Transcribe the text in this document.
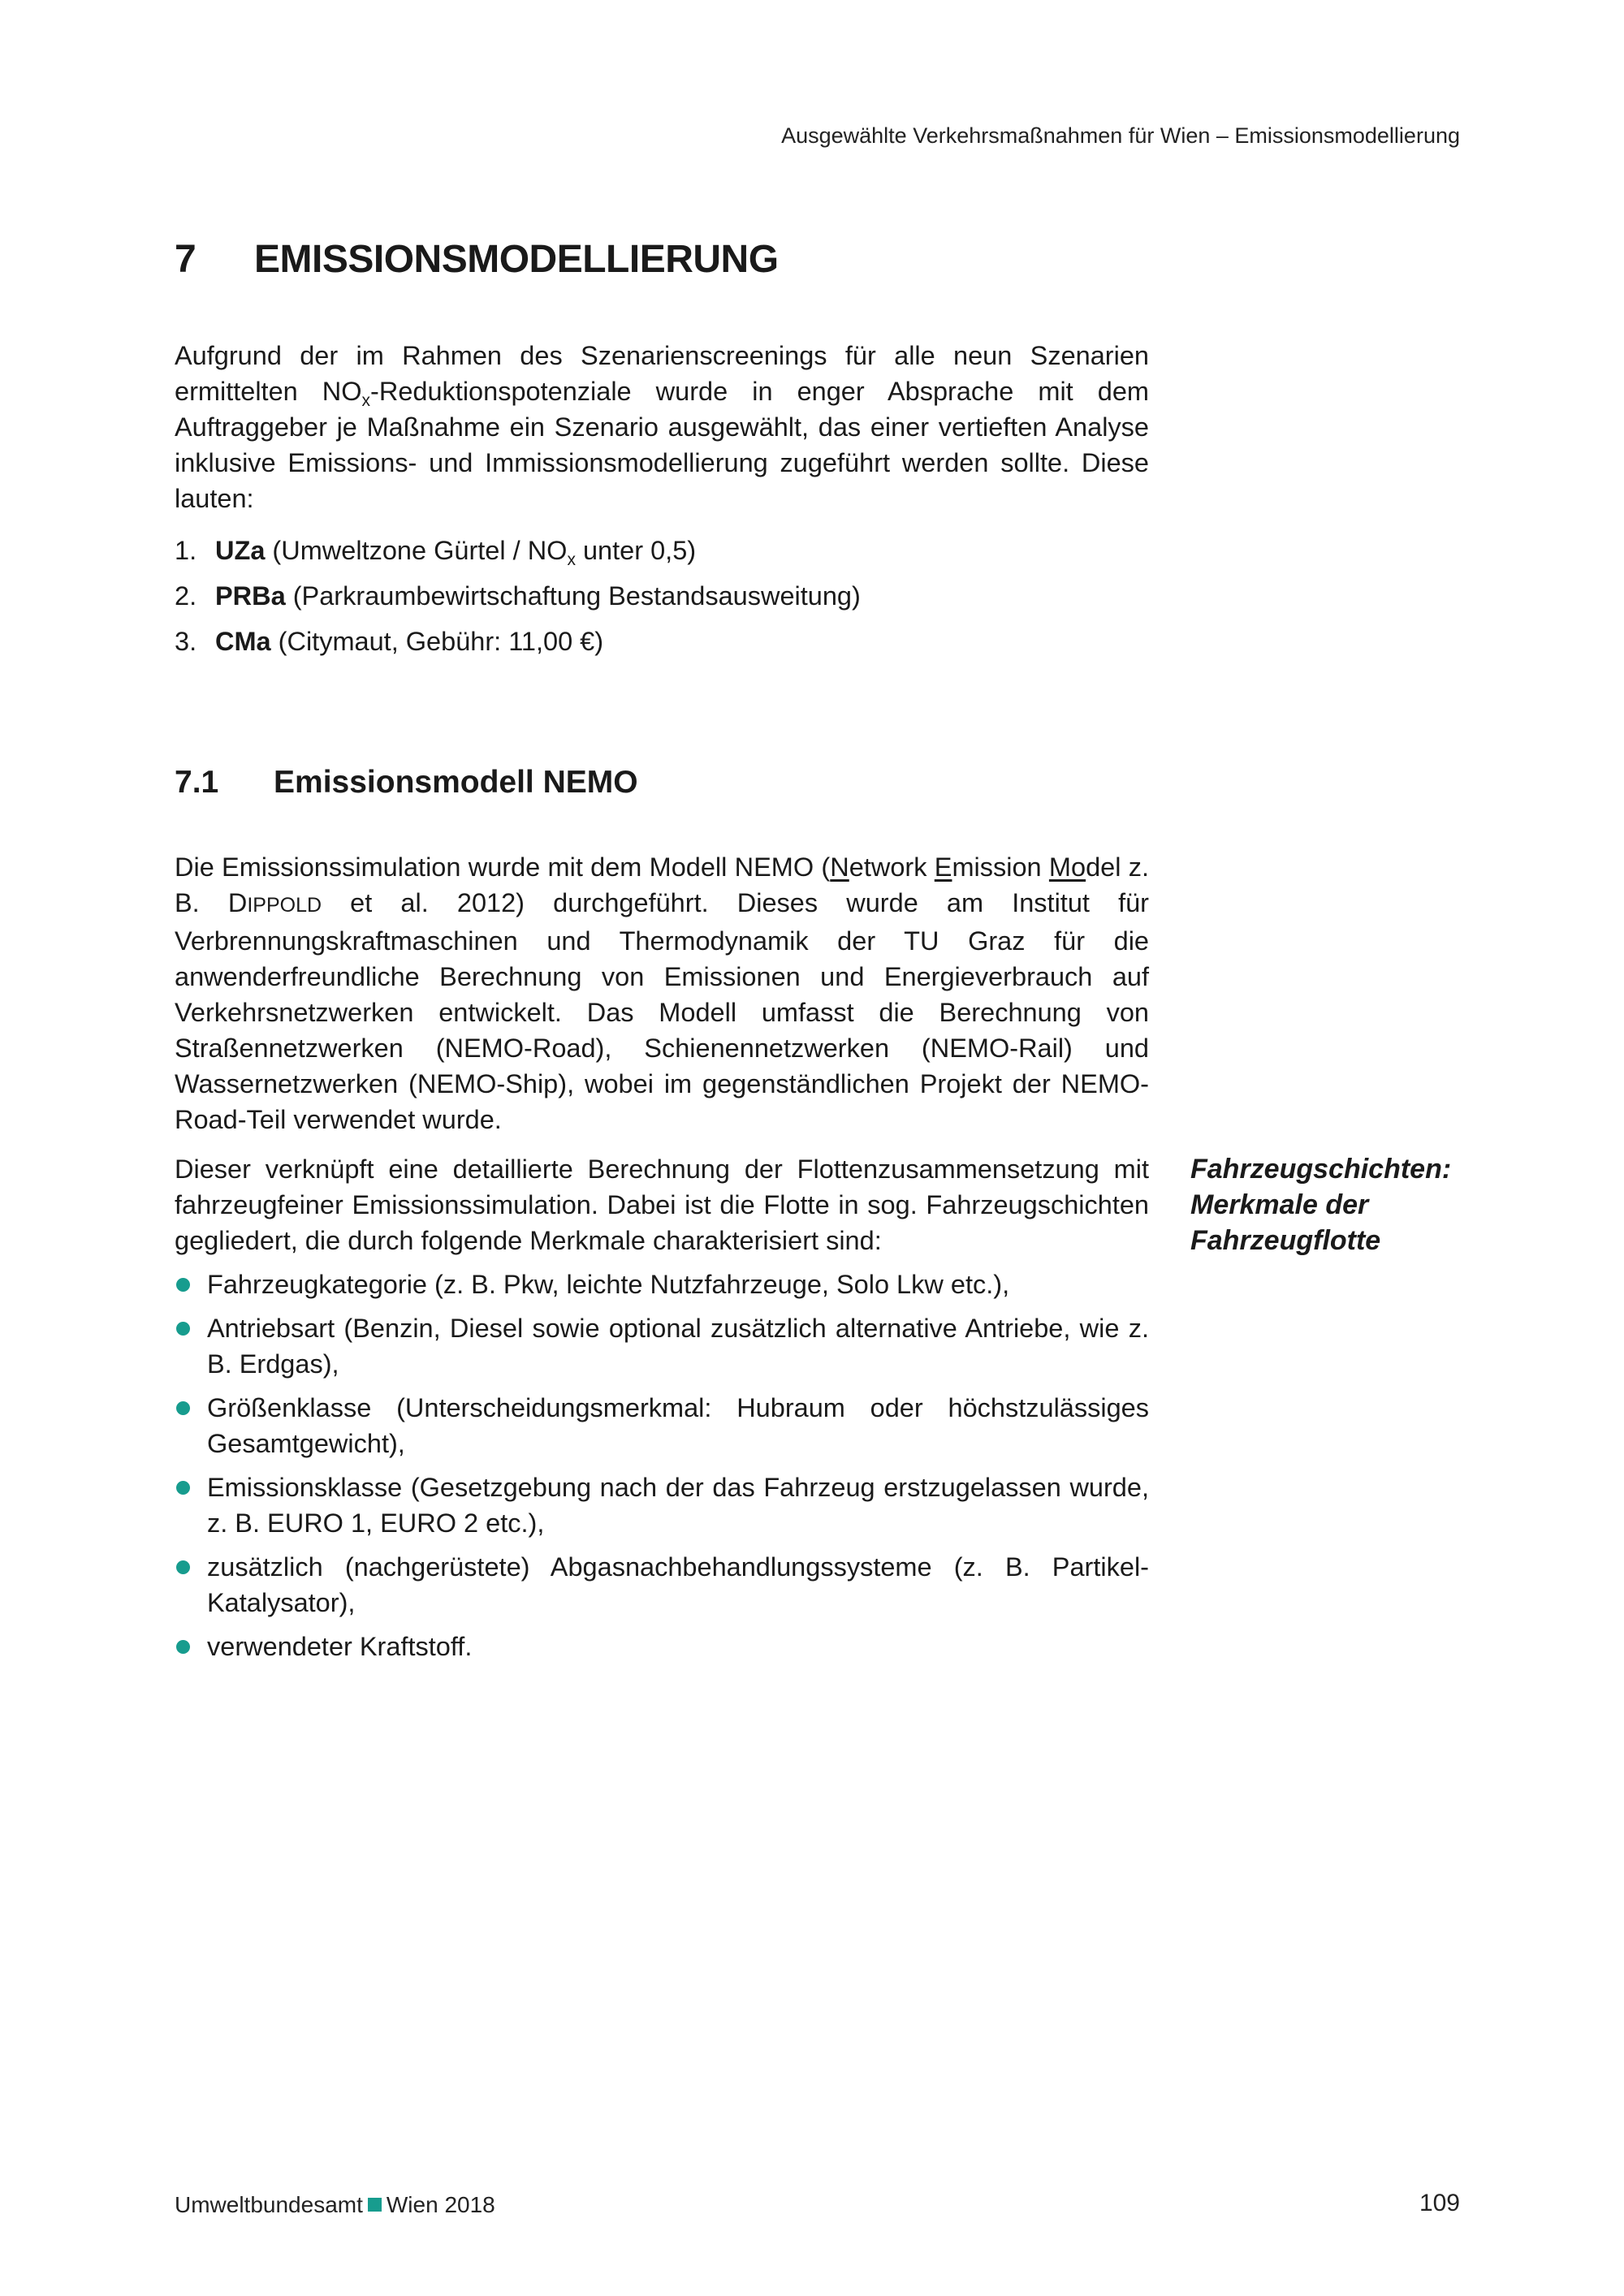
Ausgewählte Verkehrsmaßnahmen für Wien – Emissionsmodellierung
7 EMISSIONSMODELLIERUNG

Aufgrund der im Rahmen des Szenarienscreenings für alle neun Szenarien ermittelten $NO_x$-Reduktionspotenziale wurde in enger Absprache mit dem Auftraggeber je Maßnahme ein Szenario ausgewählt, das einer vertieften Analyse inklusive Emissions- und Immissionsmodellierung zugeführt werden sollte. Diese lauten:

1. UZa (Umweltzone Gürtel / $NO_x$ unter 0,5)
2. PRBa (Parkraumbewirtschaftung Bestandsausweitung)
3. CMa (Citymaut, Gebühr: 11,00 €)
7.1 Emissionsmodell NEMO

Die Emissionssimulation wurde mit dem Modell NEMO (Network Emission Model z. B. DIPPOLD et al. 2012) durchgeführt. Dieses wurde am Institut für Verbrennungskraftmaschinen und Thermodynamik der TU Graz für die anwenderfreundliche Berechnung von Emissionen und Energieverbrauch auf Verkehrsnetzwerken entwickelt. Das Modell umfasst die Berechnung von Straßennetzwerken (NEMO-Road), Schienennetzwerken (NEMO-Rail) und Wassernetzwerken (NEMO-Ship), wobei im gegenständlichen Projekt der NEMO-Road-Teil verwendet wurde.

Dieser verknüpft eine detaillierte Berechnung der Flottenzusammensetzung mit fahrzeugfeiner Emissionssimulation. Dabei ist die Flotte in sog. Fahrzeugschichten gegliedert, die durch folgende Merkmale charakterisiert sind:

Fahrzeugschichten:
Merkmale der
Fahrzeugflotte
Fahrzeugkategorie (z. B. Pkw, leichte Nutzfahrzeuge, Solo Lkw etc.),
Antriebsart (Benzin, Diesel sowie optional zusätzlich alternative Antriebe, wie z. B. Erdgas),
Größenklasse (Unterscheidungsmerkmal: Hubraum oder höchstzulässiges Gesamtgewicht),
Emissionsklasse (Gesetzgebung nach der das Fahrzeug erstzugelassen wurde, z. B. EURO 1, EURO 2 etc.),
zusätzlich (nachgerüstete) Abgasnachbehandlungssysteme (z. B. Partikel-Katalysator),
verwendeter Kraftstoff.
Umweltbundesamt Wien 2018	109
